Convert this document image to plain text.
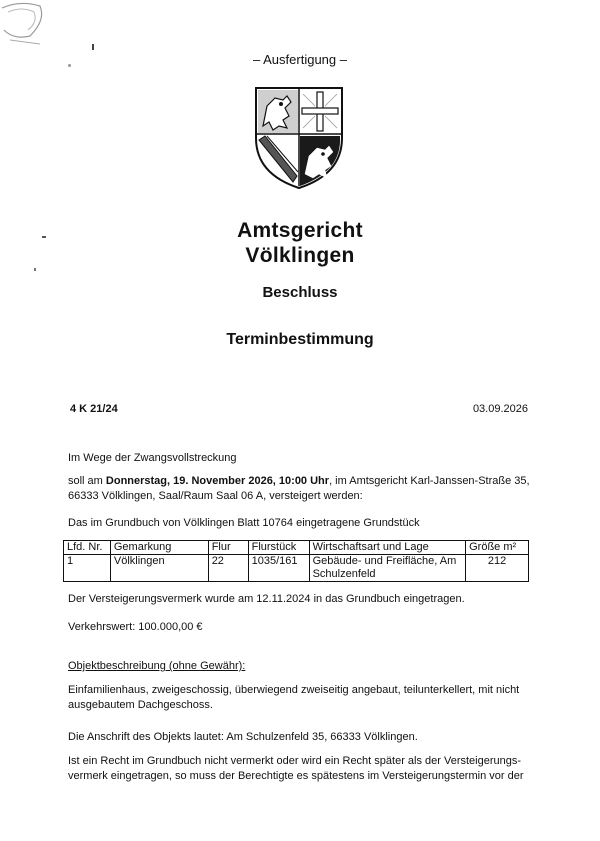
– Ausfertigung –
Amtsgericht
Völklingen
Beschluss
Terminbestimmung
4 K 21/24	03.09.2026
Im Wege der Zwangsvollstreckung
soll am Donnerstag, 19. November 2026, 10:00 Uhr, im Amtsgericht Karl-Janssen-Straße 35, 66333 Völklingen, Saal/Raum Saal 06 A, versteigert werden:
Das im Grundbuch von Völklingen Blatt 10764 eingetragene Grundstück
Lfd. Nr.	Gemarkung	Flur	Flurstück	Wirtschaftsart und Lage	Größe m²
1	Völklingen	22	1035/161	Gebäude- und Freifläche, Am Schulzenfeld	212
Der Versteigerungsvermerk wurde am 12.11.2024 in das Grundbuch eingetragen.
Verkehrswert: 100.000,00 €
Objektbeschreibung (ohne Gewähr):
Einfamilienhaus, zweigeschossig, überwiegend zweiseitig angebaut, teilunterkellert, mit nicht ausgebautem Dachgeschoss.
Die Anschrift des Objekts lautet: Am Schulzenfeld 35, 66333 Völklingen.
Ist ein Recht im Grundbuch nicht vermerkt oder wird ein Recht später als der Versteigerungs-vermerk eingetragen, so muss der Berechtigte es spätestens im Versteigerungstermin vor der
